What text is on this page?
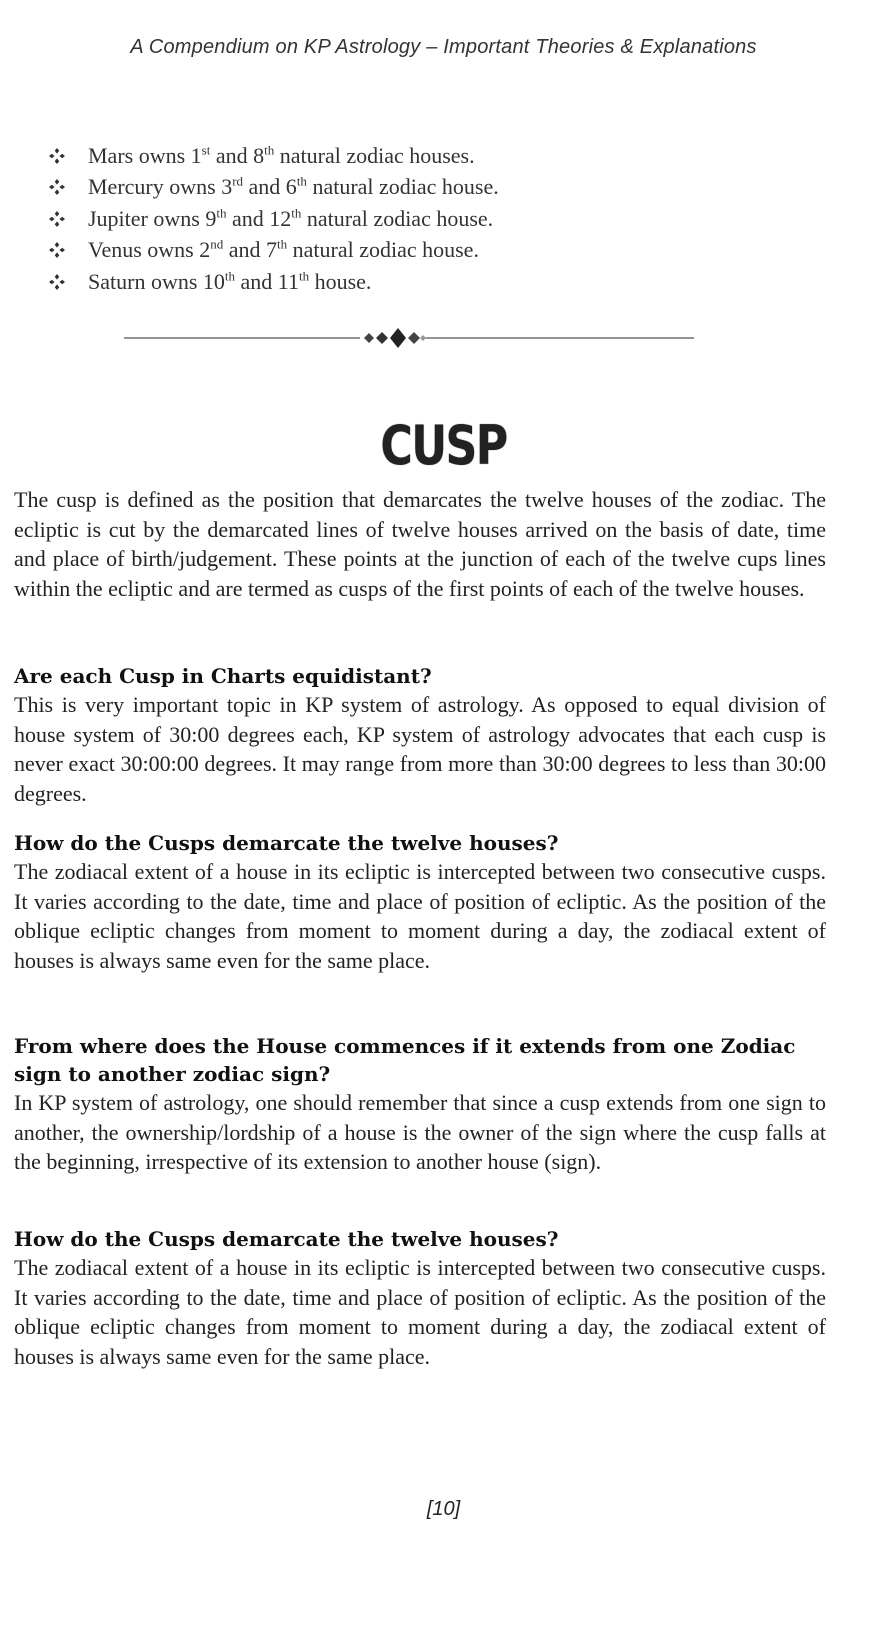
A Compendium on KP Astrology – Important Theories & Explanations
Mars owns 1st and 8th natural zodiac houses.
Mercury owns 3rd and 6th natural zodiac house.
Jupiter owns 9th and 12th natural zodiac house.
Venus owns 2nd and 7th natural zodiac house.
Saturn owns 10th and 11th house.
CUSP

The cusp is defined as the position that demarcates the twelve houses of the zodiac. The ecliptic is cut by the demarcated lines of twelve houses arrived on the basis of date, time and place of birth/judgement. These points at the junction of each of the twelve cups lines within the ecliptic and are termed as cusps of the first points of each of the twelve houses.

Are each Cusp in Charts equidistant?

This is very important topic in KP system of astrology. As opposed to equal division of house system of 30:00 degrees each, KP system of astrology advocates that each cusp is never exact 30:00:00 degrees. It may range from more than 30:00 degrees to less than 30:00 degrees.

How do the Cusps demarcate the twelve houses?

The zodiacal extent of a house in its ecliptic is intercepted between two consecutive cusps. It varies according to the date, time and place of position of ecliptic. As the position of the oblique ecliptic changes from moment to moment during a day, the zodiacal extent of houses is always same even for the same place.

From where does the House commences if it extends from one Zodiac sign to another zodiac sign?

In KP system of astrology, one should remember that since a cusp extends from one sign to another, the ownership/lordship of a house is the owner of the sign where the cusp falls at the beginning, irrespective of its extension to another house (sign).

How do the Cusps demarcate the twelve houses?

The zodiacal extent of a house in its ecliptic is intercepted between two consecutive cusps. It varies according to the date, time and place of position of ecliptic. As the position of the oblique ecliptic changes from moment to moment during a day, the zodiacal extent of houses is always same even for the same place.

[10]
